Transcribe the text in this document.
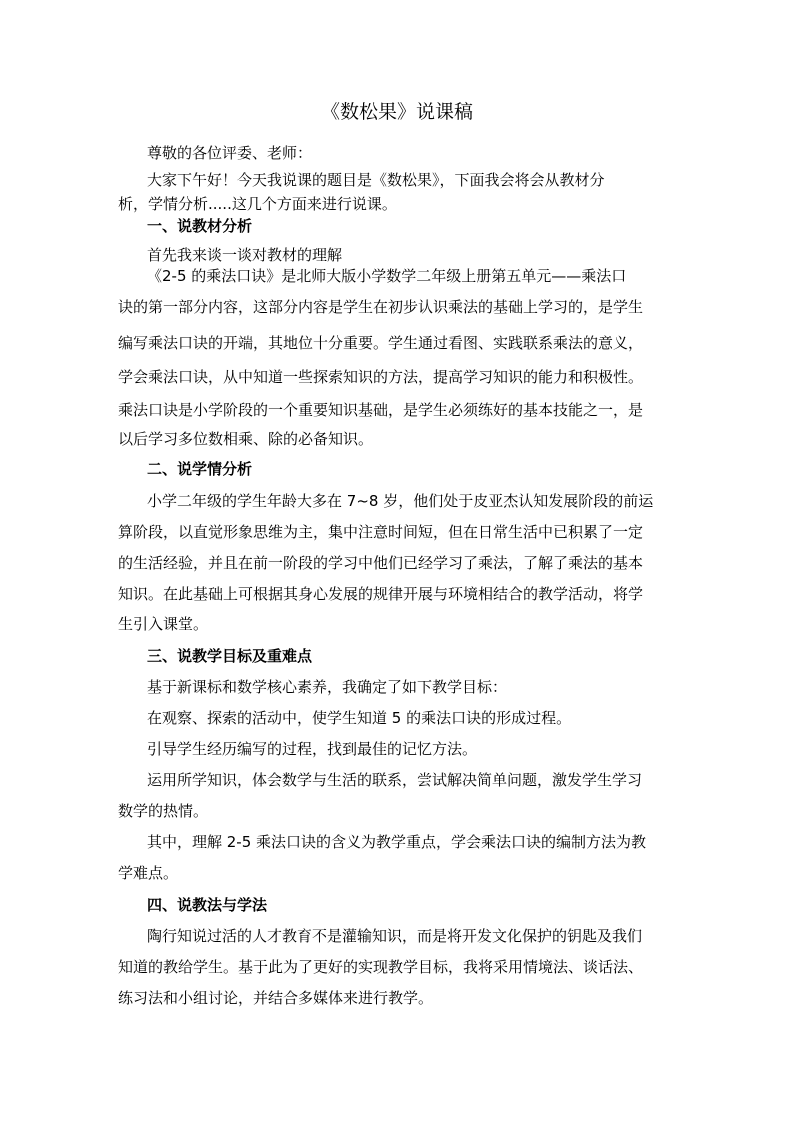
《数松果》说课稿
尊敬的各位评委、老师：
大家下午好！今天我说课的题目是《数松果》，下面我会将会从教材分
析，学情分析.....这几个方面来进行说课。
一、说教材分析
首先我来谈一谈对教材的理解
《2-5 的乘法口诀》是北师大版小学数学二年级上册第五单元——乘法口
诀的第一部分内容，这部分内容是学生在初步认识乘法的基础上学习的，是学生
编写乘法口诀的开端，其地位十分重要。学生通过看图、实践联系乘法的意义，
学会乘法口诀，从中知道一些探索知识的方法，提高学习知识的能力和积极性。
乘法口诀是小学阶段的一个重要知识基础，是学生必须练好的基本技能之一，是
以后学习多位数相乘、除的必备知识。
二、说学情分析
小学二年级的学生年龄大多在 7~8 岁，他们处于皮亚杰认知发展阶段的前运
算阶段，以直觉形象思维为主，集中注意时间短，但在日常生活中已积累了一定
的生活经验，并且在前一阶段的学习中他们已经学习了乘法，了解了乘法的基本
知识。在此基础上可根据其身心发展的规律开展与环境相结合的教学活动，将学
生引入课堂。
三、说教学目标及重难点
基于新课标和数学核心素养，我确定了如下教学目标：
在观察、探索的活动中，使学生知道 5 的乘法口诀的形成过程。
引导学生经历编写的过程，找到最佳的记忆方法。
运用所学知识，体会数学与生活的联系，尝试解决简单问题，激发学生学习
数学的热情。
其中，理解 2-5 乘法口诀的含义为教学重点，学会乘法口诀的编制方法为教
学难点。
四、说教法与学法
陶行知说过活的人才教育不是灌输知识，而是将开发文化保护的钥匙及我们
知道的教给学生。基于此为了更好的实现教学目标，我将采用情境法、谈话法、
练习法和小组讨论，并结合多媒体来进行教学。
